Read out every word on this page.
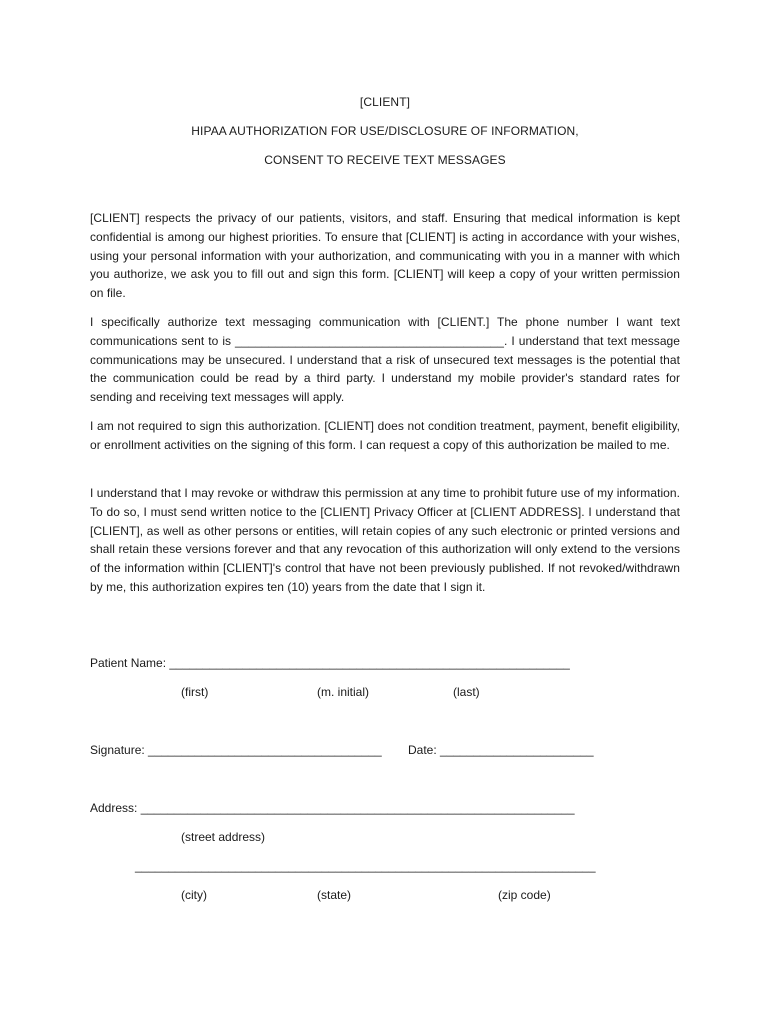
[CLIENT]
HIPAA AUTHORIZATION FOR USE/DISCLOSURE OF INFORMATION,
CONSENT TO RECEIVE TEXT MESSAGES
[CLIENT] respects the privacy of our patients, visitors, and staff. Ensuring that medical information is kept confidential is among our highest priorities. To ensure that [CLIENT] is acting in accordance with your wishes, using your personal information with your authorization, and communicating with you in a manner with which you authorize, we ask you to fill out and sign this form. [CLIENT] will keep a copy of your written permission on file.
I specifically authorize text messaging communication with [CLIENT.] The phone number I want text communications sent to is ________________________________________. I understand that text message communications may be unsecured. I understand that a risk of unsecured text messages is the potential that the communication could be read by a third party. I understand my mobile provider's standard rates for sending and receiving text messages will apply.
I am not required to sign this authorization. [CLIENT] does not condition treatment, payment, benefit eligibility, or enrollment activities on the signing of this form. I can request a copy of this authorization be mailed to me.
I understand that I may revoke or withdraw this permission at any time to prohibit future use of my information. To do so, I must send written notice to the [CLIENT] Privacy Officer at [CLIENT ADDRESS]. I understand that [CLIENT], as well as other persons or entities, will retain copies of any such electronic or printed versions and shall retain these versions forever and that any revocation of this authorization will only extend to the versions of the information within [CLIENT]'s control that have not been previously published. If not revoked/withdrawn by me, this authorization expires ten (10) years from the date that I sign it.
Patient Name: ____________________________________________________________
(first)	(m. initial)	(last)
Signature: ___________________________________ Date: _______________________
Address: _________________________________________________________________
(street address)
_____________________________________________________________________
(city)	(state)	(zip code)
